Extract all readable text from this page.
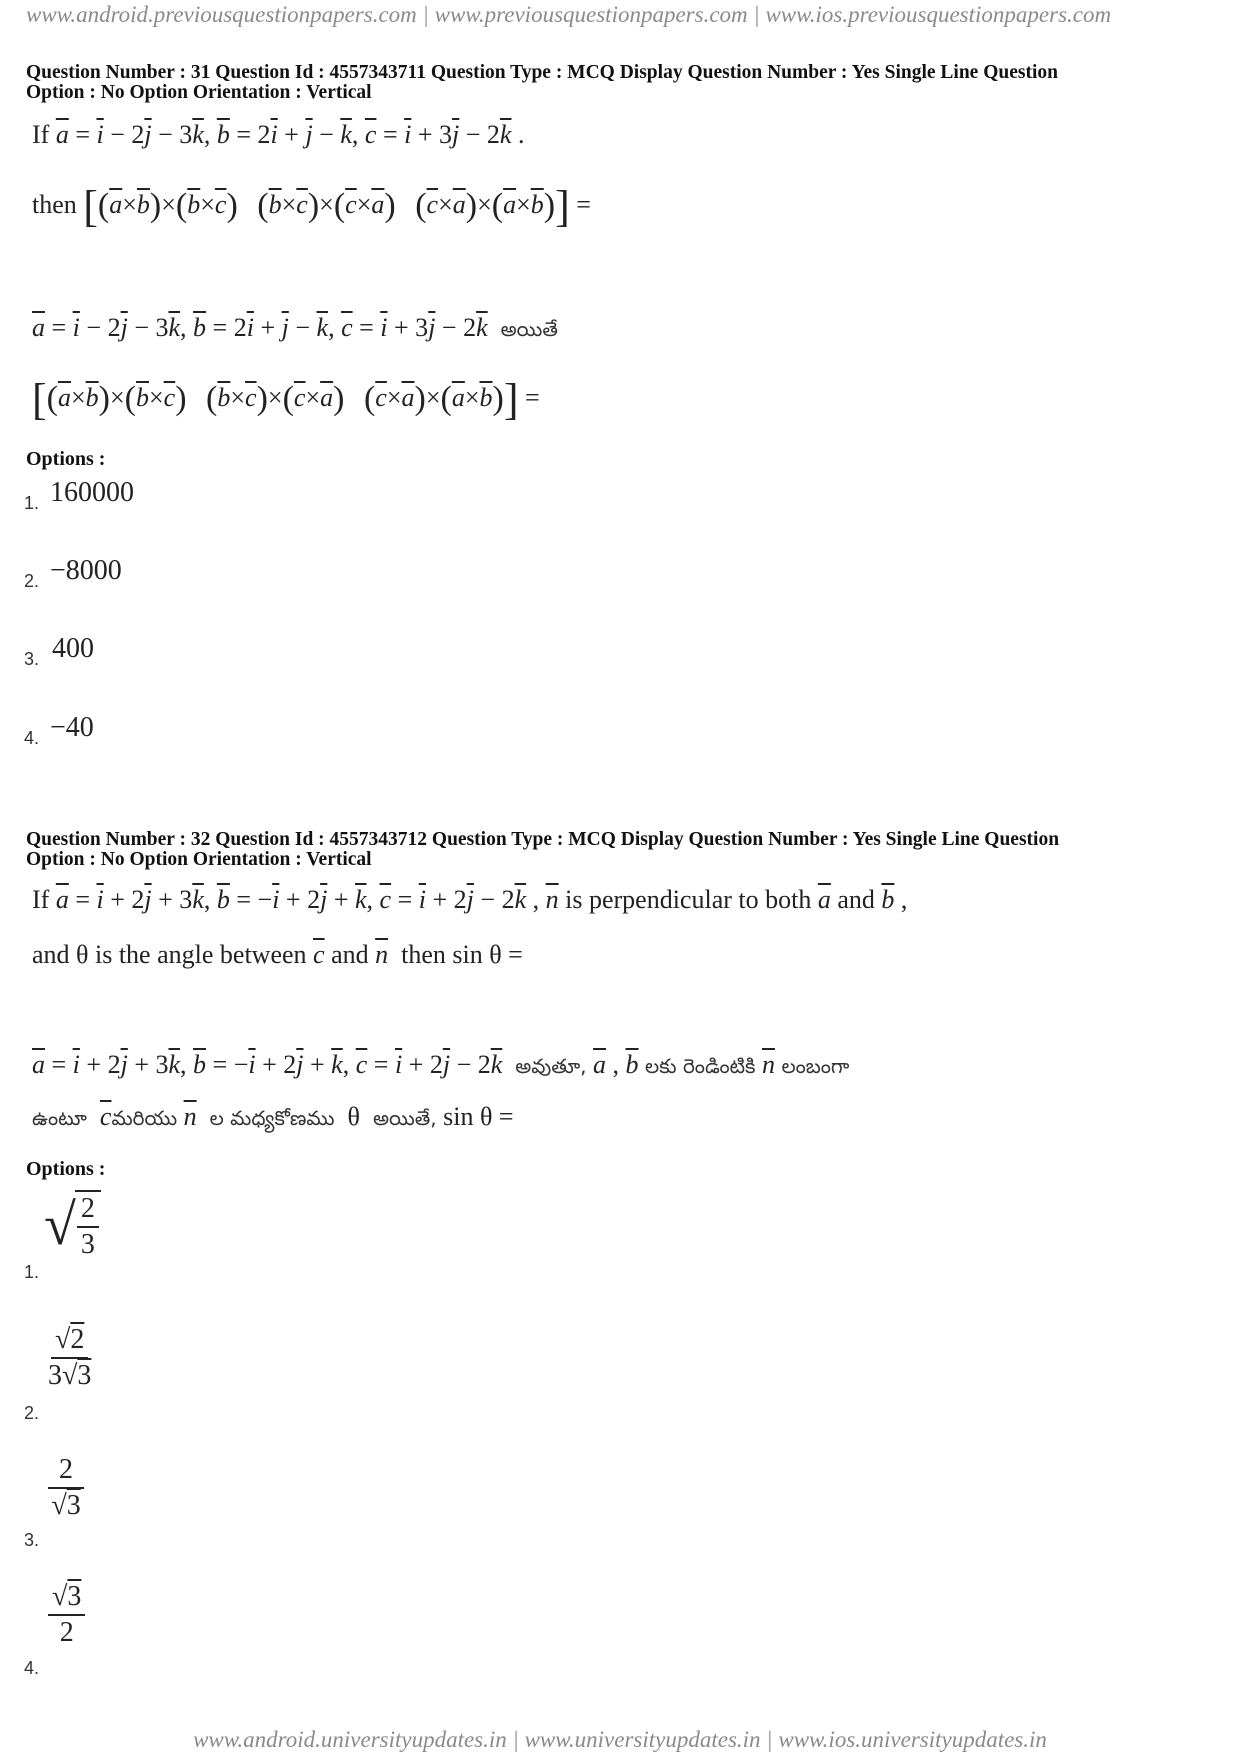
www.android.previousquestionpapers.com | www.previousquestionpapers.com | www.ios.previousquestionpapers.com
Question Number : 31 Question Id : 4557343711 Question Type : MCQ Display Question Number : Yes Single Line Question
Option : No Option Orientation : Vertical
If $\overline{a} = \overline{i} - 2\overline{j} - 3\overline{k}$, $\overline{b} = 2\overline{i} + \overline{j} - \overline{k}$, $\overline{c} = \overline{i} + 3\overline{j} - 2\overline{k}$ .
then [$(\overline{a}\times\overline{b})\times(\overline{b}\times\overline{c})$ $(\overline{b}\times\overline{c})\times(\overline{c}\times\overline{a}) (\overline{c}\times\overline{a})\times(\overline{a}\times\overline{b})$] =
$\overline{a} = \overline{i} - 2\overline{j} - 3\overline{k}$, $\overline{b} = 2\overline{i} + \overline{j} - \overline{k}$, $\overline{c} = \overline{i} + 3\overline{j} - 2\overline{k}$ అయితే
[$(\overline{a}\times\overline{b})\times(\overline{b}\times\overline{c})$ $(\overline{b}\times\overline{c})\times(\overline{c}\times\overline{a}) (\overline{c}\times\overline{a})\times(\overline{a}\times\overline{b})$] =
Options :
1. 160000
2. −8000
3. 400
4. −40
Question Number : 32 Question Id : 4557343712 Question Type : MCQ Display Question Number : Yes Single Line Question
Option : No Option Orientation : Vertical
If $\overline{a} = \overline{i} + 2\overline{j} + 3\overline{k}$, $\overline{b} = -\overline{i} + 2\overline{j} + \overline{k}$, $\overline{c} = \overline{i} + 2\overline{j} - 2\overline{k}$ , $\overline{n}$ is perpendicular to both $\overline{a}$ and $\overline{b}$ ,
and θ is the angle between $\overline{c}$ and $\overline{n}$ then sin θ =
$\overline{a} = \overline{i} + 2\overline{j} + 3\overline{k}$, $\overline{b} = -\overline{i} + 2\overline{j} + \overline{k}$, $\overline{c} = \overline{i} + 2\overline{j} - 2\overline{k}$ అవుతూ, $\overline{a}$ , $\overline{b}$ లకు రెండింటికి $\overline{n}$ లంబంగా
ఉంటూ $\overline{c}మరియు$ $\overline{n}$ ల మధ్యకోణము θ అయితే, sin θ =
Options :
1.
√ $\frac{2}{3}$
2.
$\frac{√2}{3√3}$
3.
$\frac{2}{√3}$
4.
$\frac{√3}{2}$
www.android.universityupdates.in | www.universityupdates.in | www.ios.universityupdates.in
